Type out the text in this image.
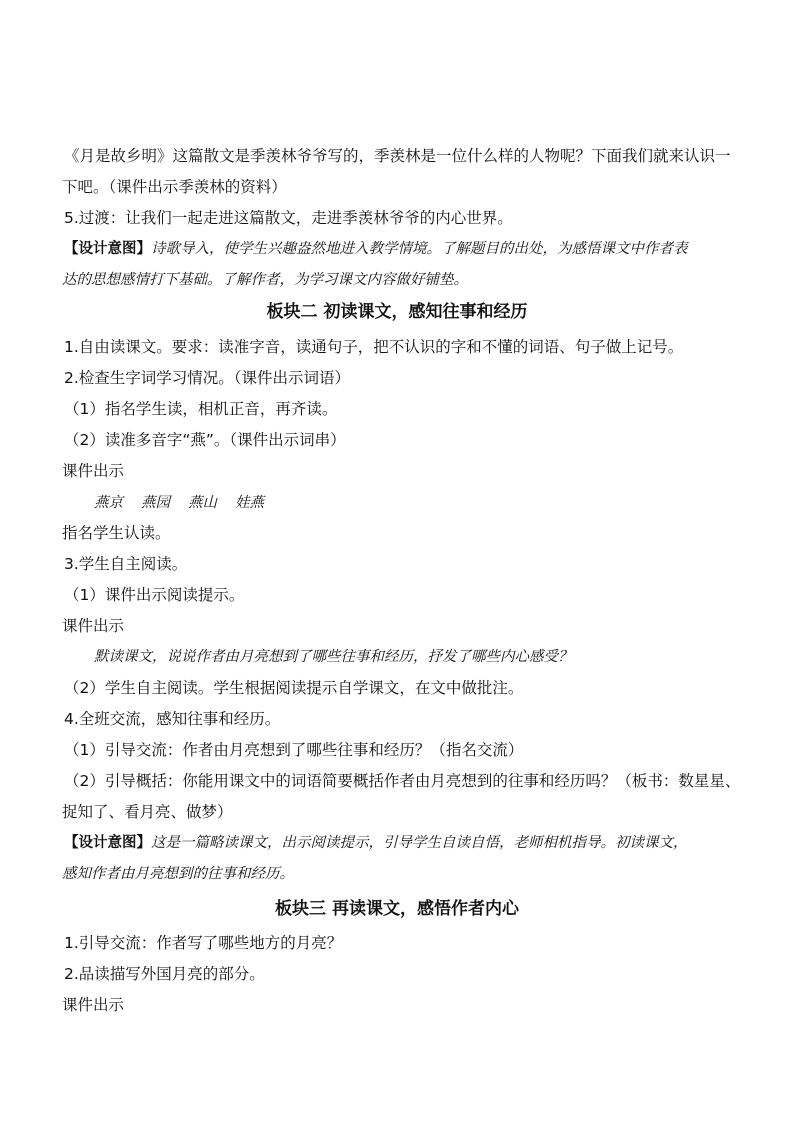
《月是故乡明》这篇散文是季羡林爷爷写的，季羡林是一位什么样的人物呢？下面我们就来认识一
下吧。（课件出示季羡林的资料）
5.过渡：让我们一起走进这篇散文，走进季羡林爷爷的内心世界。
【设计意图】诗歌导入，使学生兴趣盎然地进入教学情境。了解题目的出处，为感悟课文中作者表
达的思想感情打下基础。了解作者，为学习课文内容做好铺垫。
板块二 初读课文，感知往事和经历
1.自由读课文。要求：读准字音，读通句子，把不认识的字和不懂的词语、句子做上记号。
2.检查生字词学习情况。（课件出示词语）
（1）指名学生读，相机正音，再齐读。
（2）读准多音字“燕”。（课件出示词串）
课件出示
燕京 燕园 燕山 娃燕
指名学生认读。
3.学生自主阅读。
（1）课件出示阅读提示。
课件出示
默读课文，说说作者由月亮想到了哪些往事和经历，抒发了哪些内心感受？
（2）学生自主阅读。学生根据阅读提示自学课文，在文中做批注。
4.全班交流，感知往事和经历。
（1）引导交流：作者由月亮想到了哪些往事和经历？（指名交流）
（2）引导概括：你能用课文中的词语简要概括作者由月亮想到的往事和经历吗？（板书：数星星、
捉知了、看月亮、做梦）
【设计意图】这是一篇略读课文，出示阅读提示，引导学生自读自悟，老师相机指导。初读课文，
感知作者由月亮想到的往事和经历。
板块三 再读课文，感悟作者内心
1.引导交流：作者写了哪些地方的月亮？
2.品读描写外国月亮的部分。
课件出示
